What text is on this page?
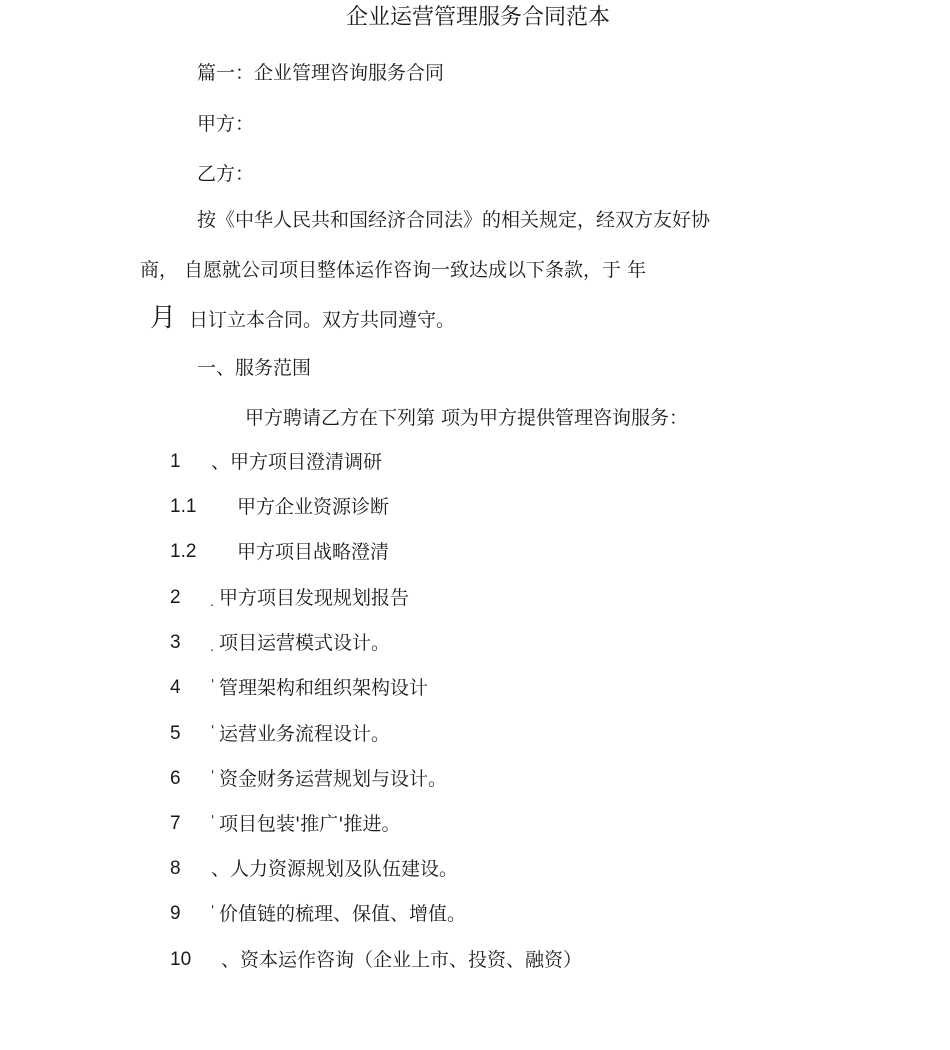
企业运营管理服务合同范本
篇一：企业管理咨询服务合同
甲方：
乙方：
按《中华人民共和国经济合同法》的相关规定，经双方友好协
商， 自愿就公司项目整体运作咨询一致达成以下条款，于 年
月 日订立本合同。双方共同遵守。
一、服务范围
甲方聘请乙方在下列第 项为甲方提供管理咨询服务：
1 、甲方项目澄清调研
1.1 甲方企业资源诊断
1.2 甲方项目战略澄清
2 . 甲方项目发现规划报告
3 . 项目运营模式设计。
4	' 管理架构和组织架构设计
5	' 运营业务流程设计。
6	' 资金财务运营规划与设计。
7	' 项目包装'推广'推进。
8 、人力资源规划及队伍建设。
9	' 价值链的梳理、保值、增值。
10 、资本运作咨询（企业上市、投资、融资）
